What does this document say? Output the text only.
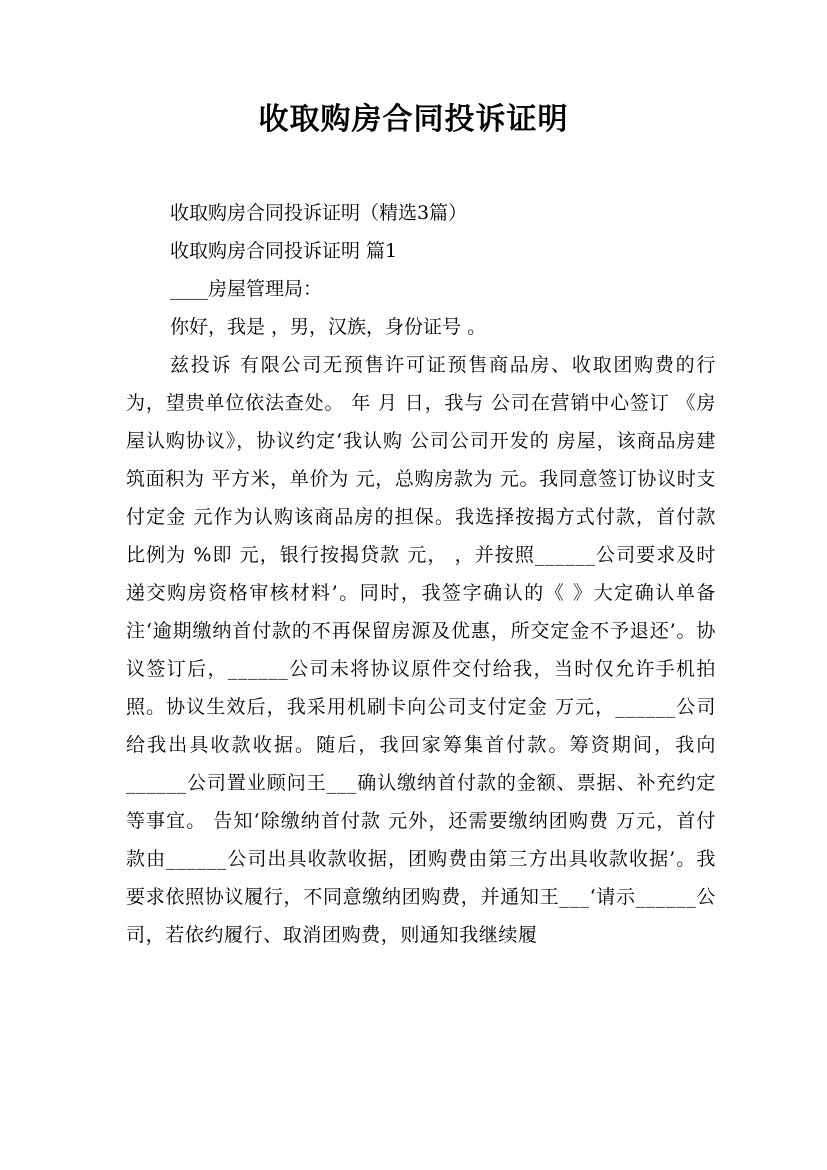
收取购房合同投诉证明

收取购房合同投诉证明（精选3篇）

收取购房合同投诉证明 篇1

____房屋管理局：

你好，我是 ，男，汉族，身份证号 。

兹投诉 有限公司无预售许可证预售商品房、收取团购费的行为，望贵单位依法查处。 年 月 日，我与 公司在营销中心签订 《房屋认购协议》，协议约定‘我认购 公司公司开发的 房屋，该商品房建筑面积为 平方米，单价为 元，总购房款为 元。我同意签订协议时支付定金 元作为认购该商品房的担保。我选择按揭方式付款，首付款比例为 %即 元，银行按揭贷款 元， ，并按照______公司要求及时递交购房资格审核材料’。同时，我签字确认的《 》大定确认单备注‘逾期缴纳首付款的不再保留房源及优惠，所交定金不予退还’。协议签订后，______公司未将协议原件交付给我，当时仅允许手机拍照。协议生效后，我采用机刷卡向公司支付定金 万元，______公司给我出具收款收据。随后，我回家筹集首付款。筹资期间，我向______公司置业顾问王___确认缴纳首付款的金额、票据、补充约定等事宜。 告知‘除缴纳首付款 元外，还需要缴纳团购费 万元，首付款由______公司出具收款收据，团购费由第三方出具收款收据’。我要求依照协议履行，不同意缴纳团购费，并通知王___‘请示______公司，若依约履行、取消团购费，则通知我继续履
